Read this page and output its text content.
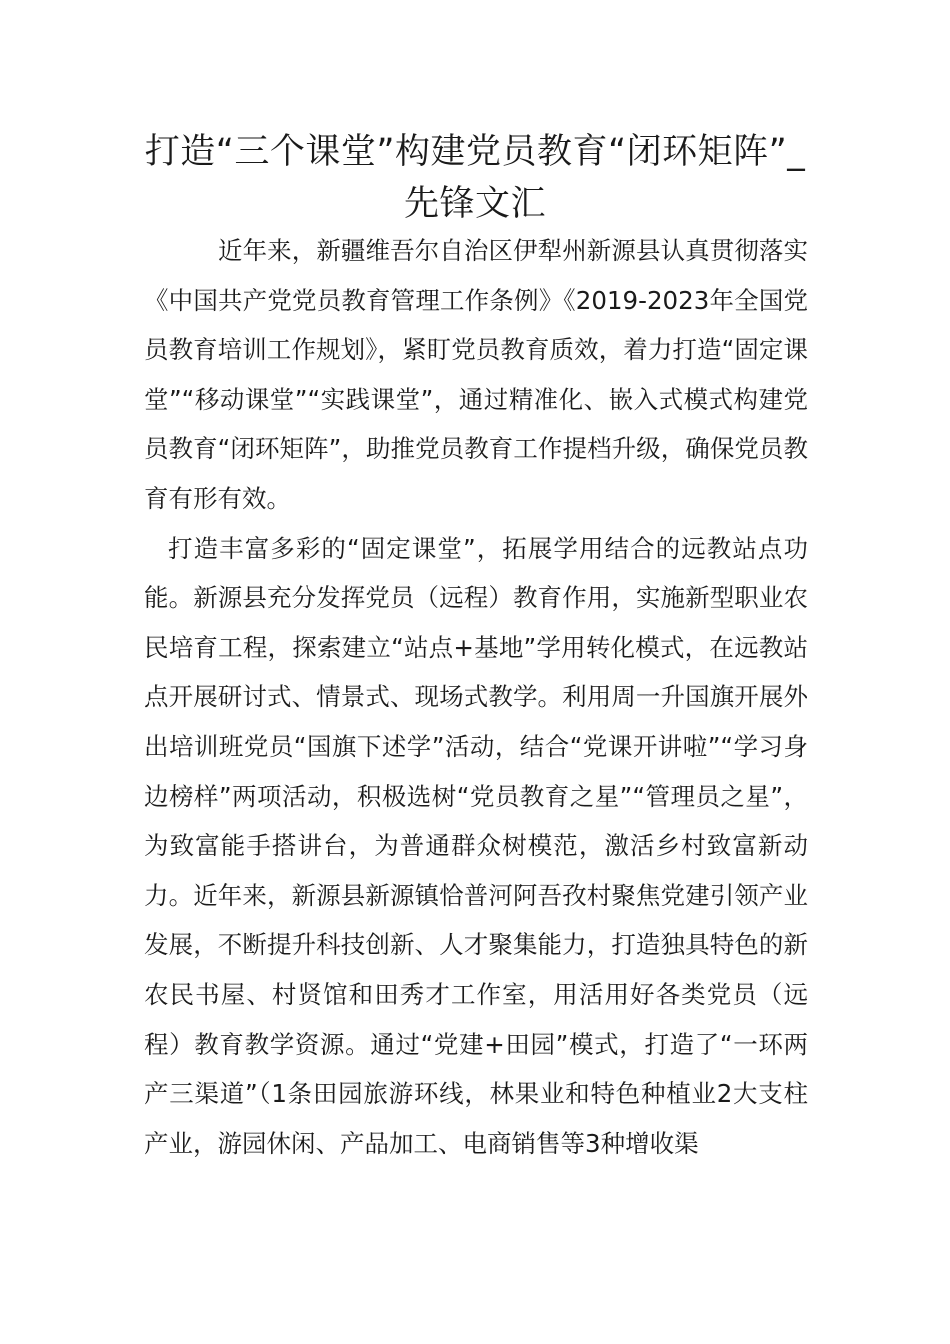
打造“三个课堂”构建党员教育“闭环矩阵”_先锋文汇

近年来，新疆维吾尔自治区伊犁州新源县认真贯彻落实《中国共产党党员教育管理工作条例》《2019-2023年全国党员教育培训工作规划》，紧盯党员教育质效，着力打造“固定课堂”“移动课堂”“实践课堂”，通过精准化、嵌入式模式构建党员教育“闭环矩阵”，助推党员教育工作提档升级，确保党员教育有形有效。

打造丰富多彩的“固定课堂”，拓展学用结合的远教站点功能。新源县充分发挥党员（远程）教育作用，实施新型职业农民培育工程，探索建立“站点+基地”学用转化模式，在远教站点开展研讨式、情景式、现场式教学。利用周一升国旗开展外出培训班党员“国旗下述学”活动，结合“党课开讲啦”“学习身边榜样”两项活动，积极选树“党员教育之星”“管理员之星”，为致富能手搭讲台，为普通群众树模范，激活乡村致富新动力。近年来，新源县新源镇恰普河阿吾孜村聚焦党建引领产业发展，不断提升科技创新、人才聚集能力，打造独具特色的新农民书屋、村贤馆和田秀才工作室，用活用好各类党员（远程）教育教学资源。通过“党建+田园”模式，打造了“一环两产三渠道”（1条田园旅游环线，林果业和特色种植业2大支柱产业，游园休闲、产品加工、电商销售等3种增收渠
